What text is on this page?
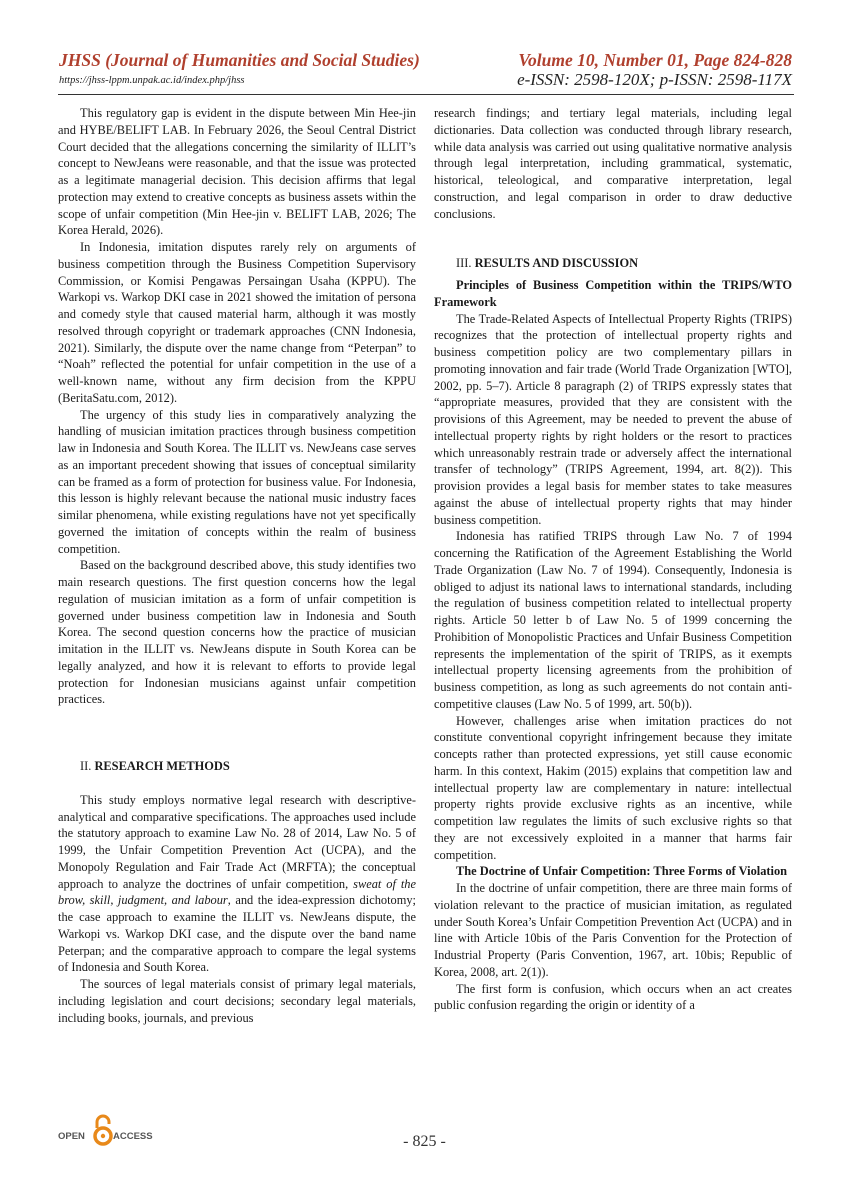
JHSS (Journal of Humanities and Social Studies)
https://jhss-lppm.unpak.ac.id/index.php/jhss
Volume 10, Number 01, Page 824-828
e-ISSN: 2598-120X; p-ISSN: 2598-117X

This regulatory gap is evident in the dispute between Min Hee-jin and HYBE/BELIFT LAB. In February 2026, the Seoul Central District Court decided that the allegations concerning the similarity of ILLIT’s concept to NewJeans were reasonable, and that the issue was protected as a legitimate managerial decision. This decision affirms that legal protection may extend to creative concepts as business assets within the scope of unfair competition (Min Hee-jin v. BELIFT LAB, 2026; The Korea Herald, 2026).

In Indonesia, imitation disputes rarely rely on arguments of business competition through the Business Competition Supervisory Commission, or Komisi Pengawas Persaingan Usaha (KPPU). The Warkopi vs. Warkop DKI case in 2021 showed the imitation of persona and comedy style that caused material harm, although it was mostly resolved through copyright or trademark approaches (CNN Indonesia, 2021). Similarly, the dispute over the name change from “Peterpan” to “Noah” reflected the potential for unfair competition in the use of a well-known name, without any firm decision from the KPPU (BeritaSatu.com, 2012).

The urgency of this study lies in comparatively analyzing the handling of musician imitation practices through business competition law in Indonesia and South Korea. The ILLIT vs. NewJeans case serves as an important precedent showing that issues of conceptual similarity can be framed as a form of protection for business value. For Indonesia, this lesson is highly relevant because the national music industry faces similar phenomena, while existing regulations have not yet specifically governed the imitation of concepts within the realm of business competition.

Based on the background described above, this study identifies two main research questions. The first question concerns how the legal regulation of musician imitation as a form of unfair competition is governed under business competition law in Indonesia and South Korea. The second question concerns how the practice of musician imitation in the ILLIT vs. NewJeans dispute in South Korea can be legally analyzed, and how it is relevant to efforts to provide legal protection for Indonesian musicians against unfair competition practices.

II. RESEARCH METHODS

This study employs normative legal research with descriptive-analytical and comparative specifications. The approaches used include the statutory approach to examine Law No. 28 of 2014, Law No. 5 of 1999, the Unfair Competition Prevention Act (UCPA), and the Monopoly Regulation and Fair Trade Act (MRFTA); the conceptual approach to analyze the doctrines of unfair competition, sweat of the brow, skill, judgment, and labour, and the idea-expression dichotomy; the case approach to examine the ILLIT vs. NewJeans dispute, the Warkopi vs. Warkop DKI case, and the dispute over the band name Peterpan; and the comparative approach to compare the legal systems of Indonesia and South Korea.

The sources of legal materials consist of primary legal materials, including legislation and court decisions; secondary legal materials, including books, journals, and previous

research findings; and tertiary legal materials, including legal dictionaries. Data collection was conducted through library research, while data analysis was carried out using qualitative normative analysis through legal interpretation, including grammatical, systematic, historical, teleological, and comparative interpretation, legal construction, and legal comparison in order to draw deductive conclusions.

III. RESULTS AND DISCUSSION

Principles of Business Competition within the TRIPS/WTO Framework

The Trade-Related Aspects of Intellectual Property Rights (TRIPS) recognizes that the protection of intellectual property rights and business competition policy are two complementary pillars in promoting innovation and fair trade (World Trade Organization [WTO], 2002, pp. 5–7). Article 8 paragraph (2) of TRIPS expressly states that “appropriate measures, provided that they are consistent with the provisions of this Agreement, may be needed to prevent the abuse of intellectual property rights by right holders or the resort to practices which unreasonably restrain trade or adversely affect the international transfer of technology” (TRIPS Agreement, 1994, art. 8(2)). This provision provides a legal basis for member states to take measures against the abuse of intellectual property rights that may hinder business competition.

Indonesia has ratified TRIPS through Law No. 7 of 1994 concerning the Ratification of the Agreement Establishing the World Trade Organization (Law No. 7 of 1994). Consequently, Indonesia is obliged to adjust its national laws to international standards, including the regulation of business competition related to intellectual property rights. Article 50 letter b of Law No. 5 of 1999 concerning the Prohibition of Monopolistic Practices and Unfair Business Competition represents the implementation of the spirit of TRIPS, as it exempts intellectual property licensing agreements from the prohibition of business competition, as long as such agreements do not contain anti-competitive clauses (Law No. 5 of 1999, art. 50(b)).

However, challenges arise when imitation practices do not constitute conventional copyright infringement because they imitate concepts rather than protected expressions, yet still cause economic harm. In this context, Hakim (2015) explains that competition law and intellectual property law are complementary in nature: intellectual property rights provide exclusive rights as an incentive, while competition law regulates the limits of such exclusive rights so that they are not excessively exploited in a manner that harms fair competition.

The Doctrine of Unfair Competition: Three Forms of Violation

In the doctrine of unfair competition, there are three main forms of violation relevant to the practice of musician imitation, as regulated under South Korea’s Unfair Competition Prevention Act (UCPA) and in line with Article 10bis of the Paris Convention for the Protection of Industrial Property (Paris Convention, 1967, art. 10bis; Republic of Korea, 2008, art. 2(1)).

The first form is confusion, which occurs when an act creates public confusion regarding the origin or identity of a

OPEN	ACCESS	- 825 -
